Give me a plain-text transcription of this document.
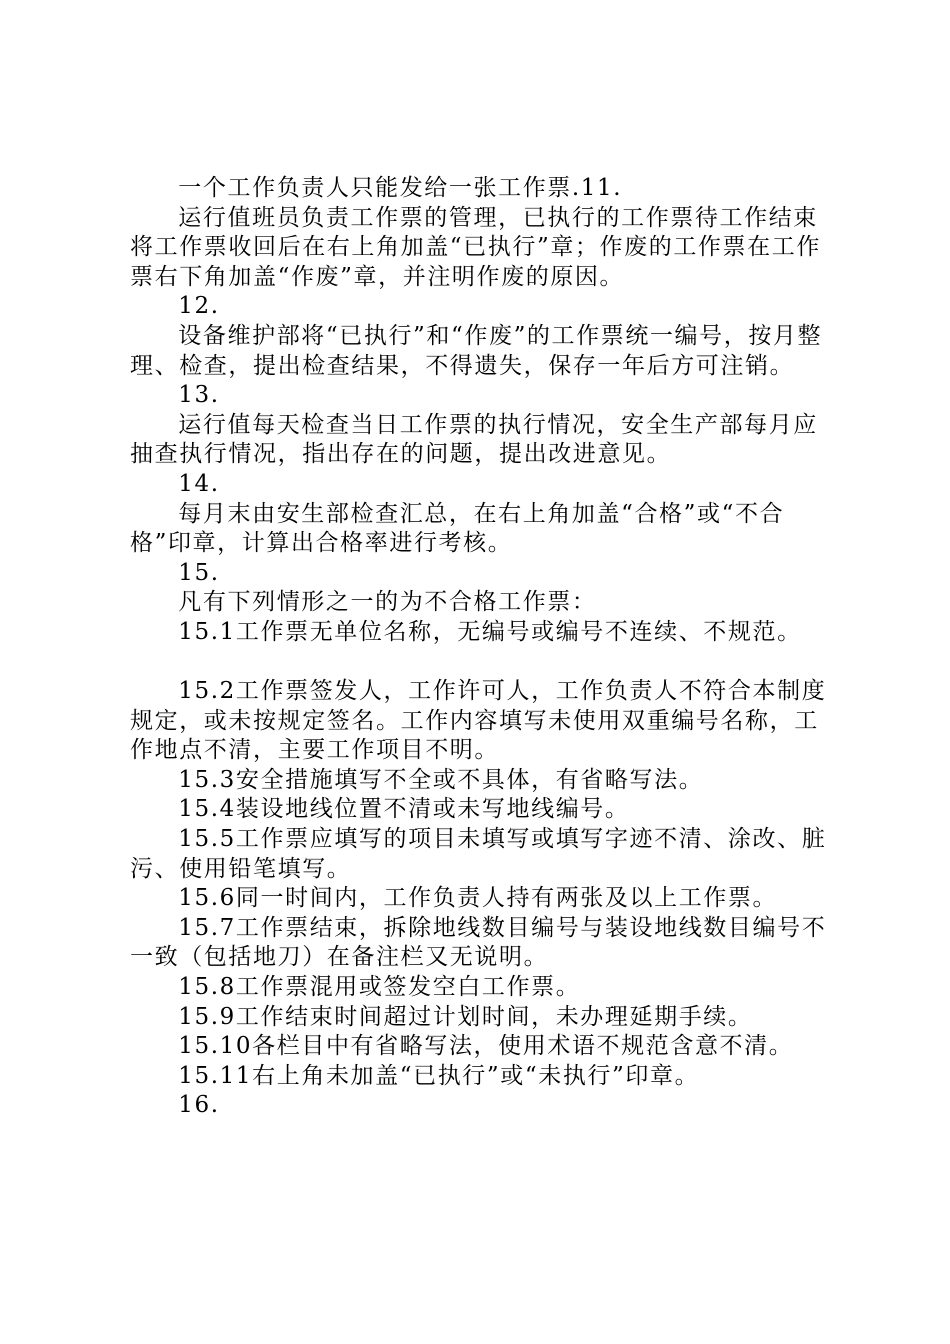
一个工作负责人只能发给一张工作票.11.

运行值班员负责工作票的管理，已执行的工作票待工作结束将工作票收回后在右上角加盖“已执行”章；作废的工作票在工作票右下角加盖“作废”章，并注明作废的原因。

12.

设备维护部将“已执行”和“作废”的工作票统一编号，按月整理、检查，提出检查结果，不得遗失，保存一年后方可注销。

13.

运行值每天检查当日工作票的执行情况，安全生产部每月应抽查执行情况，指出存在的问题，提出改进意见。

14.

每月末由安生部检查汇总，在右上角加盖“合格”或“不合格”印章，计算出合格率进行考核。

15.

凡有下列情形之一的为不合格工作票：

15.1工作票无单位名称，无编号或编号不连续、不规范。

15.2工作票签发人，工作许可人，工作负责人不符合本制度规定，或未按规定签名。工作内容填写未使用双重编号名称，工作地点不清，主要工作项目不明。

15.3安全措施填写不全或不具体，有省略写法。

15.4装设地线位置不清或未写地线编号。

15.5工作票应填写的项目未填写或填写字迹不清、涂改、脏污、使用铅笔填写。

15.6同一时间内，工作负责人持有两张及以上工作票。

15.7工作票结束，拆除地线数目编号与装设地线数目编号不一致（包括地刀）在备注栏又无说明。

15.8工作票混用或签发空白工作票。

15.9工作结束时间超过计划时间，未办理延期手续。

15.10各栏目中有省略写法，使用术语不规范含意不清。

15.11右上角未加盖“已执行”或“未执行”印章。

16.
